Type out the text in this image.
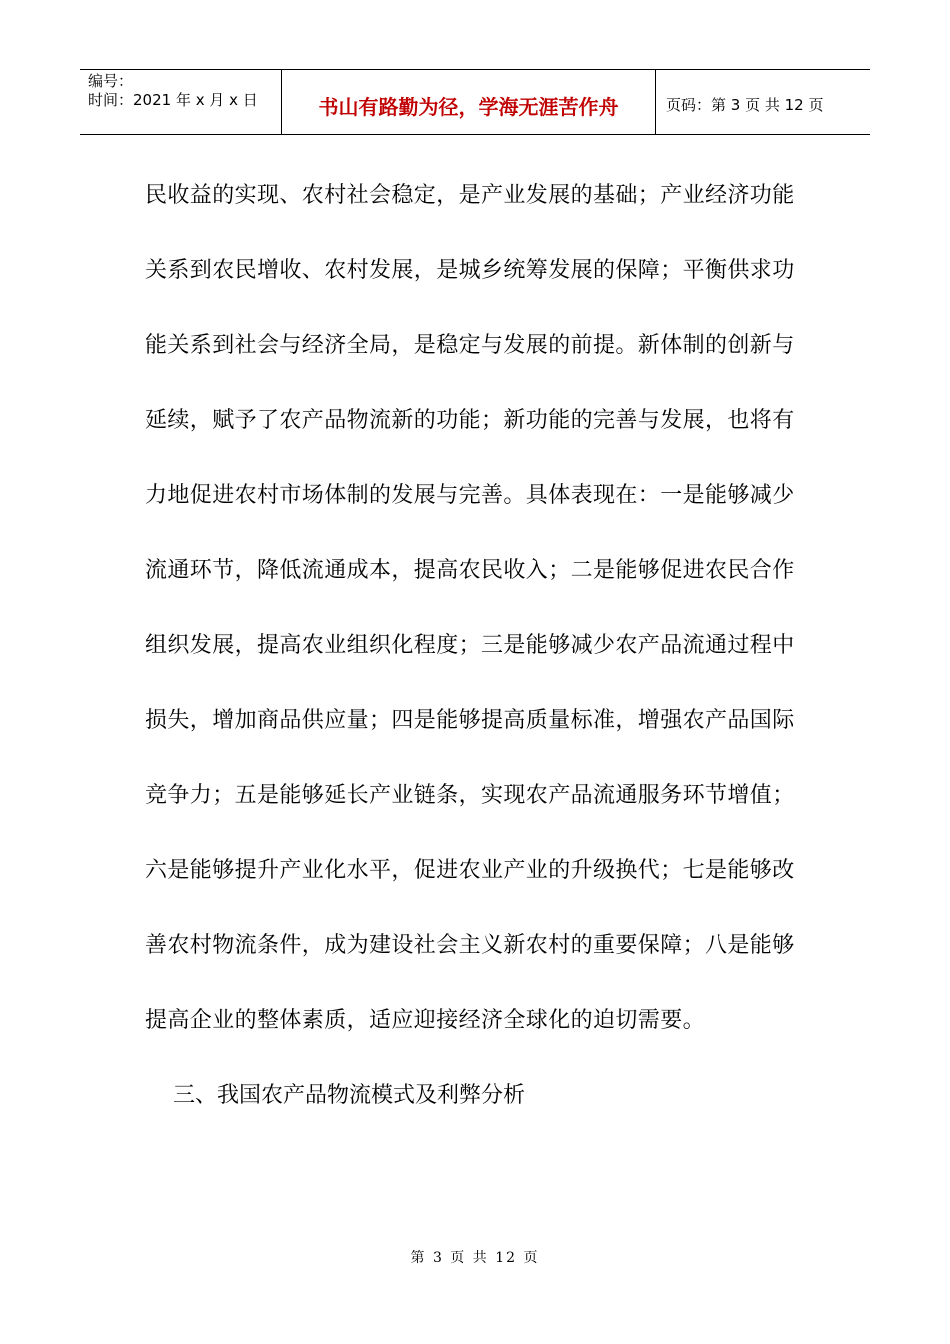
编号：
时间：2021 年 x 月 x 日	书山有路勤为径，学海无涯苦作舟	页码：第 3 页 共 12 页
民收益的实现、农村社会稳定，是产业发展的基础；产业经济功能
关系到农民增收、农村发展，是城乡统筹发展的保障；平衡供求功
能关系到社会与经济全局，是稳定与发展的前提。新体制的创新与
延续，赋予了农产品物流新的功能；新功能的完善与发展，也将有
力地促进农村市场体制的发展与完善。具体表现在：一是能够减少
流通环节，降低流通成本，提高农民收入；二是能够促进农民合作
组织发展，提高农业组织化程度；三是能够减少农产品流通过程中
损失，增加商品供应量；四是能够提高质量标准，增强农产品国际
竞争力；五是能够延长产业链条，实现农产品流通服务环节增值；
六是能够提升产业化水平，促进农业产业的升级换代；七是能够改
善农村物流条件，成为建设社会主义新农村的重要保障；八是能够
提高企业的整体素质，适应迎接经济全球化的迫切需要。
三、我国农产品物流模式及利弊分析
第 3 页 共 12 页
